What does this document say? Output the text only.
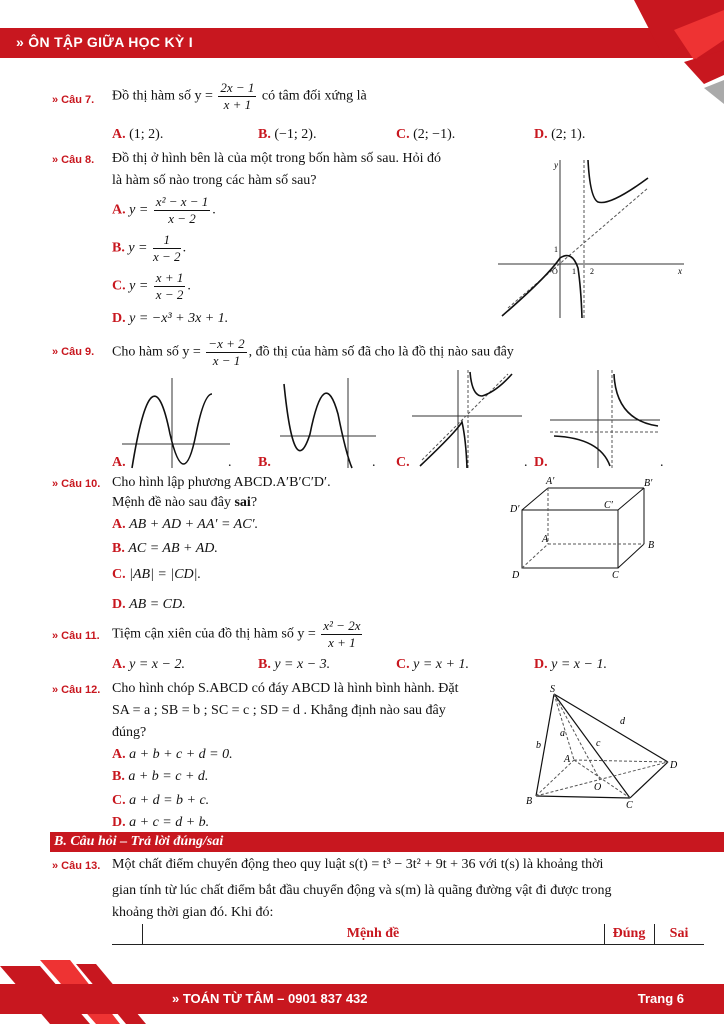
» ÔN TẬP GIỮA HỌC KỲ I
» Câu 7. Đồ thị hàm số $y = \frac{2x - 1}{x + 1}$ có tâm đối xứng là
A. (1; 2).	B. (−1; 2).	C. (2; −1).	D. (2; 1).
» Câu 8. Đồ thị ở hình bên là của một trong bốn hàm số sau. Hỏi đó
là hàm số nào trong các hàm số sau?
A. $y = \frac{\text{x² − x − 1}}{x - 2}$ .
B. $y = \frac{1}{x - 2}$ .
C. $y = \frac{x + 1}{x - 2}$ .
D. y = −x³ + 3x + 1.
y
x
O 1 2
1
» Câu 9. Cho hàm số $y = \frac{-x + 2}{x - 1}$ , đồ thị của hàm số đã cho là đồ thị nào sau đây
A.	. B.	. C.	. D.	.
» Câu 10. Cho hình lập phương ABCD.A′B′C′D′.
Mệnh đề nào sau đây sai?
A. AB + AD + AA′ = AC′.
B. AC = AB + AD.
C. |AB| = |CD|.
D. AB = CD.
A′	B′
D′	C′
A
B
D	C
» Câu 11. Tiệm cận xiên của đồ thị hàm số $y = \frac{\text{x² − 2x}}{x + 1}$
A. y = x − 2.	B. y = x − 3.	C. y = x + 1.	D. y = x − 1.
» Câu 12. Cho hình chóp S.ABCD có đáy ABCD là hình bình hành. Đặt
SA = a ; SB = b ; SC = c ; SD = d . Khẳng định nào sau đây
đúng?
A. a + b + c + d = 0.
B. a + b = c + d.
C. a + d = b + c.
D. a + c = d + b.
S
a
b	c
d
A
B	C
D
O
B. Câu hỏi – Trả lời đúng/sai
» Câu 13. Một chất điểm chuyển động theo quy luật s(t) = t³ − 3t² + 9t + 36 với t(s) là khoảng thời
gian tính từ lúc chất điểm bắt đầu chuyển động và s(m) là quãng đường vật đi được trong
khoảng thời gian đó. Khi đó:
Mệnh đề	Đúng	Sai
» TOÁN TỪ TÂM – 0901 837 432	Trang 6
